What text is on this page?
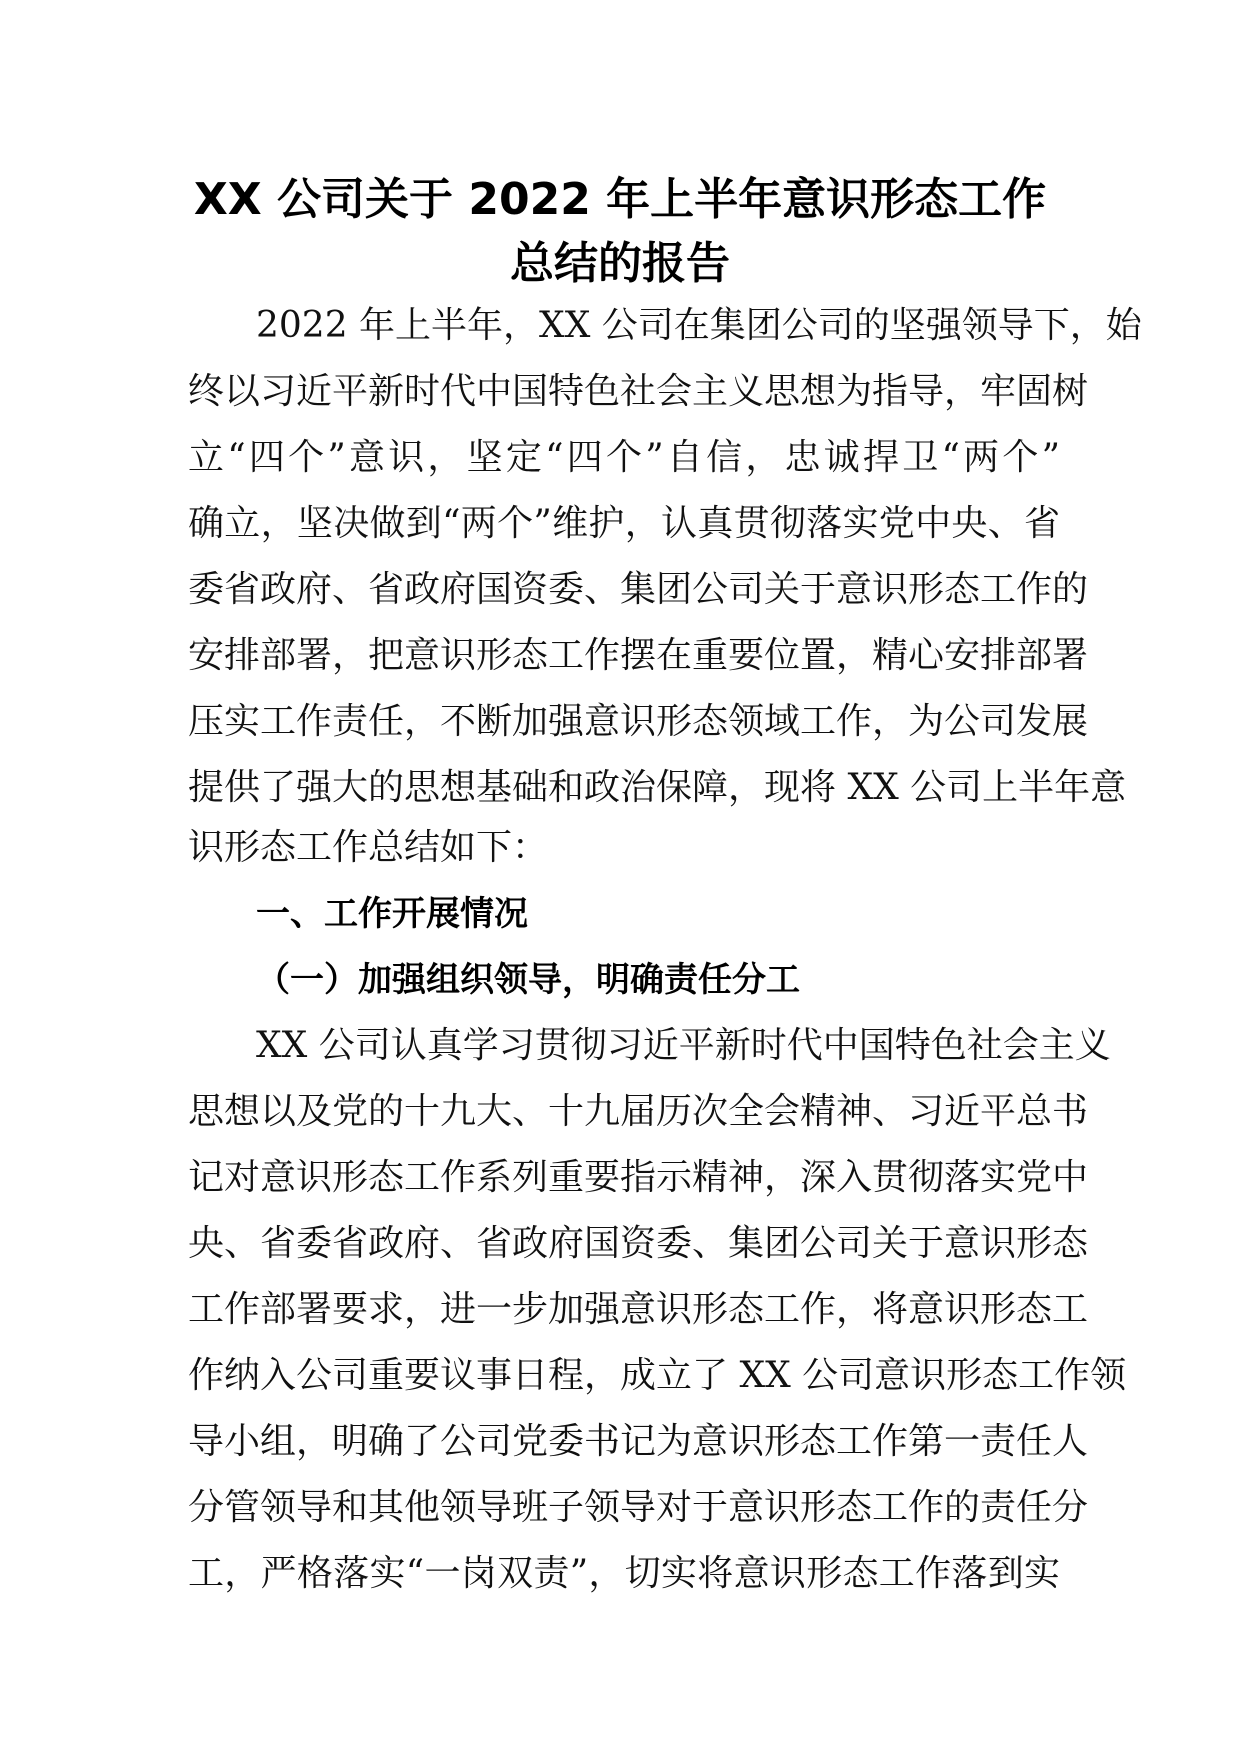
XX 公司关于 2022 年上半年意识形态工作
总结的报告
2022 年上半年，XX 公司在集团公司的坚强领导下，始
终以习近平新时代中国特色社会主义思想为指导，牢固树
立“四个”意识，坚定“四个”自信，忠诚捍卫“两个”
确立，坚决做到“两个”维护，认真贯彻落实党中央、省
委省政府、省政府国资委、集团公司关于意识形态工作的
安排部署，把意识形态工作摆在重要位置，精心安排部署
压实工作责任，不断加强意识形态领域工作，为公司发展
提供了强大的思想基础和政治保障，现将 XX 公司上半年意
识形态工作总结如下：
一、工作开展情况
（一）加强组织领导，明确责任分工
XX 公司认真学习贯彻习近平新时代中国特色社会主义
思想以及党的十九大、十九届历次全会精神、习近平总书
记对意识形态工作系列重要指示精神，深入贯彻落实党中
央、省委省政府、省政府国资委、集团公司关于意识形态
工作部署要求，进一步加强意识形态工作，将意识形态工
作纳入公司重要议事日程，成立了 XX 公司意识形态工作领
导小组，明确了公司党委书记为意识形态工作第一责任人
分管领导和其他领导班子领导对于意识形态工作的责任分
工，严格落实“一岗双责”，切实将意识形态工作落到实
